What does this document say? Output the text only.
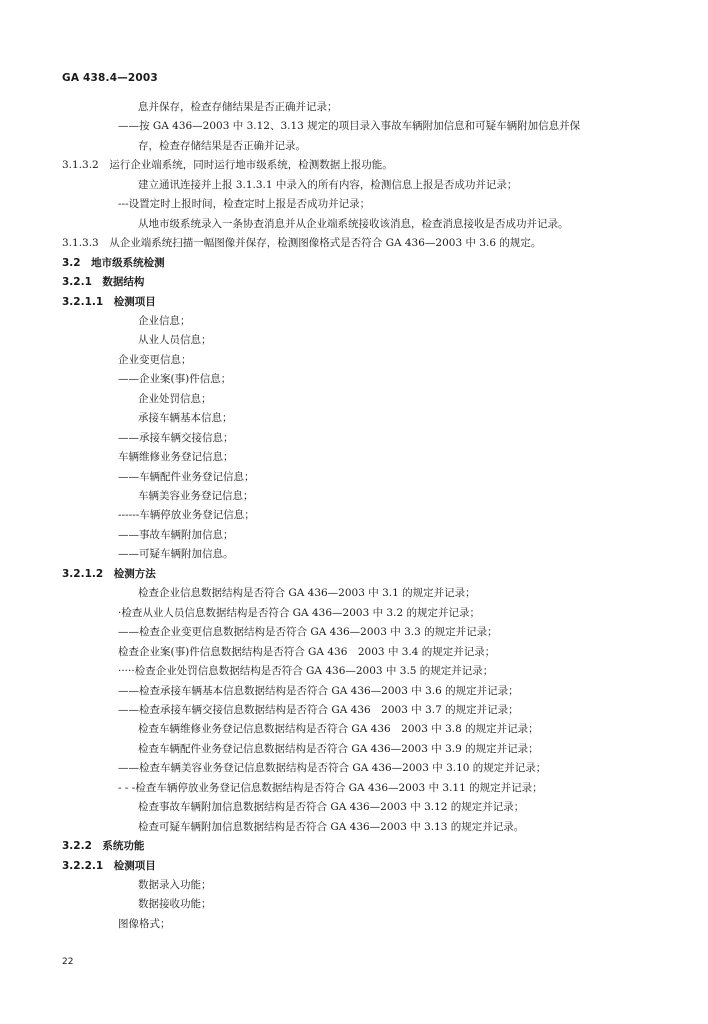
GA 438.4—2003
息并保存，检查存储结果是否正确并记录；
——按 GA 436—2003 中 3.12、3.13 规定的项目录入事故车辆附加信息和可疑车辆附加信息并保
存，检查存储结果是否正确并记录。
3.1.3.2　运行企业端系统，同时运行地市级系统，检测数据上报功能。
建立通讯连接并上报 3.1.3.1 中录入的所有内容，检测信息上报是否成功并记录；
---设置定时上报时间，检查定时上报是否成功并记录；
从地市级系统录入一条协查消息并从企业端系统接收该消息，检查消息接收是否成功并记录。
3.1.3.3　从企业端系统扫描一幅图像并保存，检测图像格式是否符合 GA 436—2003 中 3.6 的规定。
3.2　地市级系统检测
3.2.1　数据结构
3.2.1.1　检测项目
企业信息；
从业人员信息；
企业变更信息；
——企业案(事)件信息；
企业处罚信息；
承接车辆基本信息；
——承接车辆交接信息；
车辆维修业务登记信息；
——车辆配件业务登记信息；
车辆美容业务登记信息；
------车辆停放业务登记信息；
——事故车辆附加信息；
——可疑车辆附加信息。
3.2.1.2　检测方法
检查企业信息数据结构是否符合 GA 436—2003 中 3.1 的规定并记录；
·检查从业人员信息数据结构是否符合 GA 436—2003 中 3.2 的规定并记录；
——检查企业变更信息数据结构是否符合 GA 436—2003 中 3.3 的规定并记录；
检查企业案(事)件信息数据结构是否符合 GA 436　2003 中 3.4 的规定并记录；
·····检查企业处罚信息数据结构是否符合 GA 436—2003 中 3.5 的规定并记录；
——检查承接车辆基本信息数据结构是否符合 GA 436—2003 中 3.6 的规定并记录；
——检查承接车辆交接信息数据结构是否符合 GA 436　2003 中 3.7 的规定并记录；
检查车辆维修业务登记信息数据结构是否符合 GA 436　2003 中 3.8 的规定并记录；
检查车辆配件业务登记信息数据结构是否符合 GA 436—2003 中 3.9 的规定并记录；
——检查车辆美容业务登记信息数据结构是否符合 GA 436—2003 中 3.10 的规定并记录；
- - -检查车辆停放业务登记信息数据结构是否符合 GA 436—2003 中 3.11 的规定并记录；
检查事故车辆附加信息数据结构是否符合 GA 436—2003 中 3.12 的规定并记录；
检查可疑车辆附加信息数据结构是否符合 GA 436—2003 中 3.13 的规定并记录。
3.2.2　系统功能
3.2.2.1　检测项目
数据录入功能；
数据接收功能；
图像格式；
22
